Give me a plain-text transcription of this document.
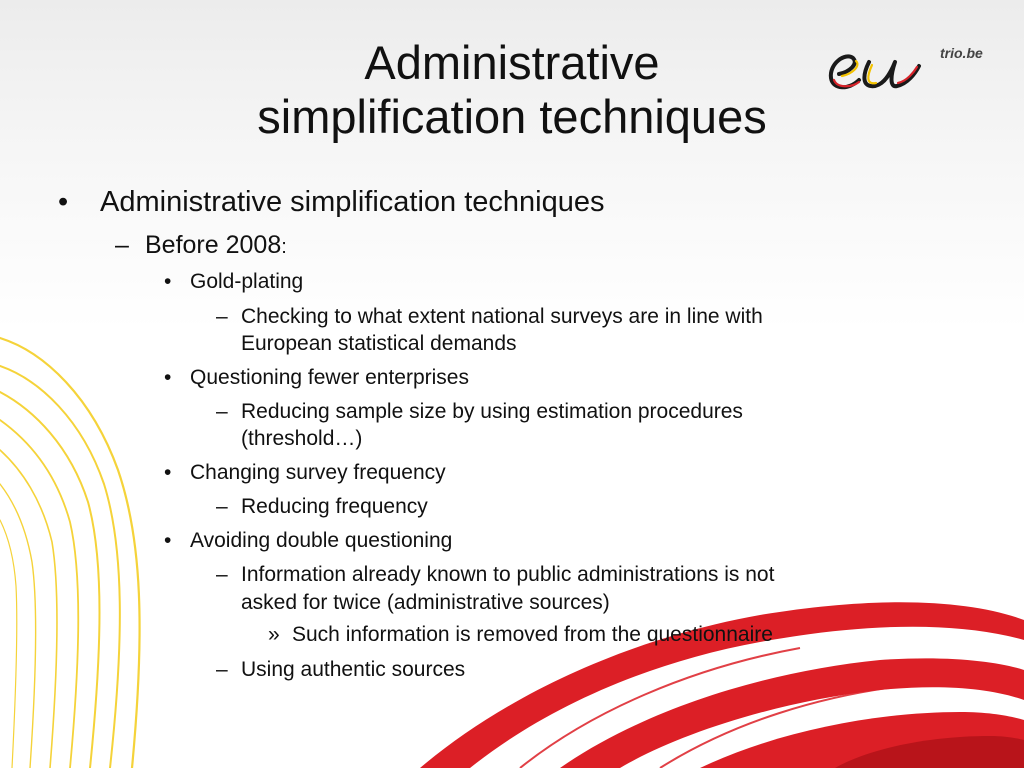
Administrative
simplification techniques
trio.be
• Administrative simplification techniques
– Before 2008:
• Gold-plating
– Checking to what extent national surveys are in line with
European statistical demands
• Questioning fewer enterprises
– Reducing sample size by using estimation procedures
(threshold…)
• Changing survey frequency
– Reducing frequency
• Avoiding double questioning
– Information already known to public administrations is not
asked for twice (administrative sources)
» Such information is removed from the questionnaire
– Using authentic sources
